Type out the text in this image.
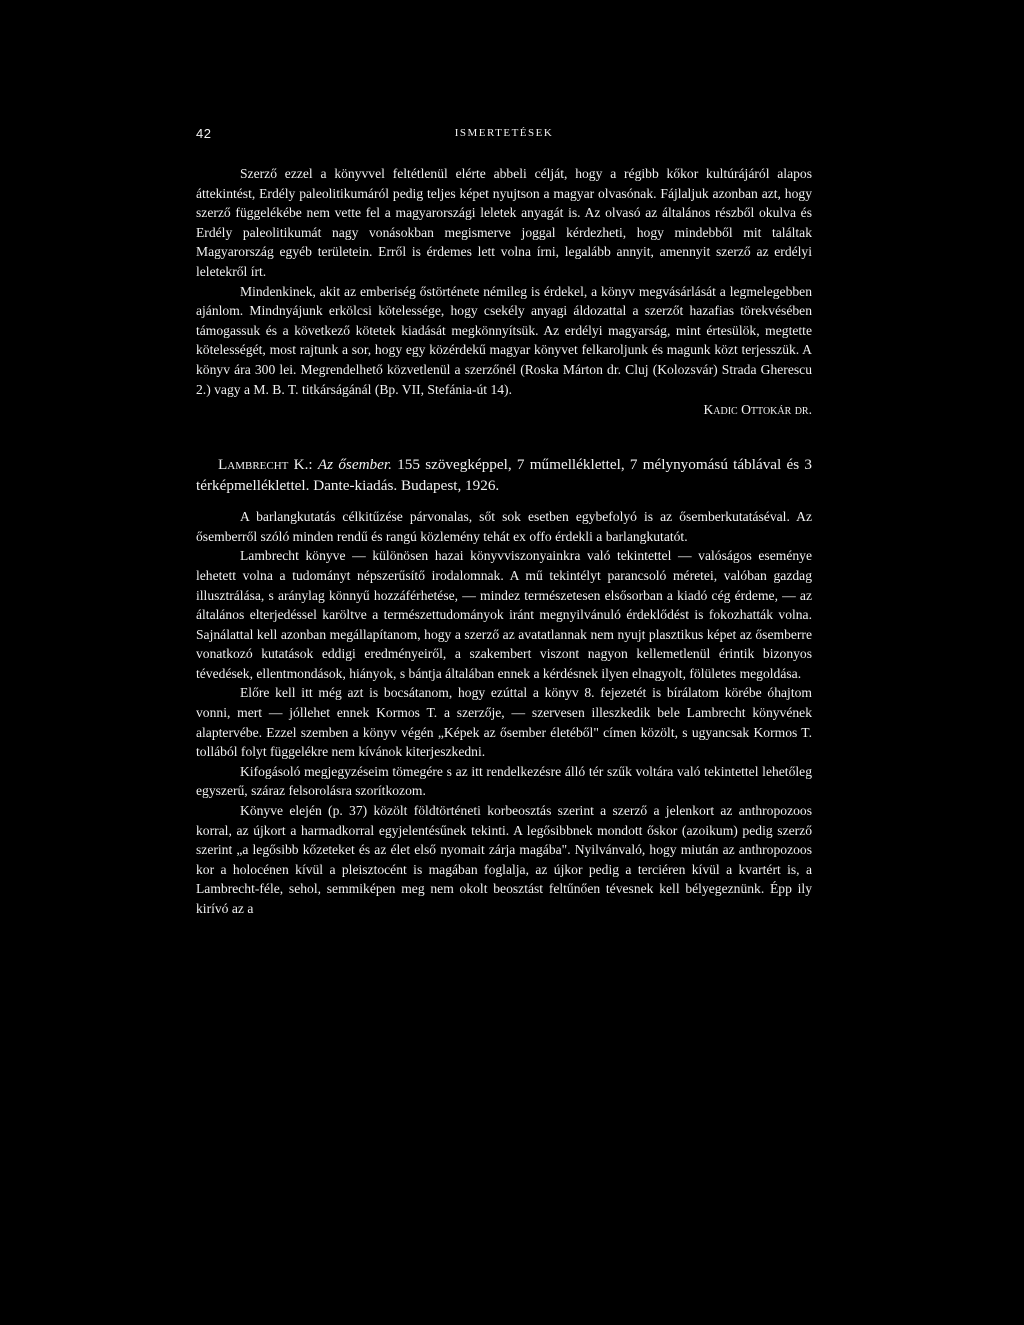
42	ISMERTETÉSEK

Szerző ezzel a könyvvel feltétlenül elérte abbeli célját, hogy a régibb kőkor kultúrájáról alapos áttekintést, Erdély paleolitikumáról pedig teljes képet nyujtson a magyar olvasónak. Fájlaljuk azonban azt, hogy szerző függelékébe nem vette fel a magyarországi leletek anyagát is. Az olvasó az általános részből okulva és Erdély paleolitikumát nagy vonásokban megismerve joggal kérdezheti, hogy mindebből mit találtak Magyarország egyéb területein. Erről is érdemes lett volna írni, legalább annyit, amennyit szerző az erdélyi leletekről írt.

Mindenkinek, akit az emberiség őstörténete némileg is érdekel, a könyv megvásárlását a legmelegebben ajánlom. Mindnyájunk erkölcsi kötelessége, hogy csekély anyagi áldozattal a szerzőt hazafias törekvésében támogassuk és a következő kötetek kiadását megkönnyítsük. Az erdélyi magyarság, mint értesülök, megtette kötelességét, most rajtunk a sor, hogy egy közérdekű magyar könyvet felkaroljunk és magunk közt terjesszük. A könyv ára 300 lei. Megrendelhető közvetlenül a szerzőnél (Roska Márton dr. Cluj (Kolozsvár) Strada Gherescu 2.) vagy a M. B. T. titkárságánál (Bp. VII, Stefánia-út 14).

Kadic Ottokár dr.
Lambrecht K.: Az ősember. 155 szövegképpel, 7 műmelléklettel, 7 mélynyomású táblával és 3 térképmelléklettel. Dante-kiadás. Budapest, 1926.

A barlangkutatás célkitűzése párvonalas, sőt sok esetben egybefolyó is az ősemberkutatáséval. Az ősemberről szóló minden rendű és rangú közlemény tehát ex offo érdekli a barlangkutatót.

Lambrecht könyve — különösen hazai könyvviszonyainkra való tekintettel — valóságos eseménye lehetett volna a tudományt népszerűsítő irodalomnak. A mű tekintélyt parancsoló méretei, valóban gazdag illusztrálása, s aránylag könnyű hozzáférhetése, — mindez természetesen elsősorban a kiadó cég érdeme, — az általános elterjedéssel karöltve a természettudományok iránt megnyilvánuló érdeklődést is fokozhatták volna. Sajnálattal kell azonban megállapítanom, hogy a szerző az avatatlannak nem nyujt plasztikus képet az ősemberre vonatkozó kutatások eddigi eredményeiről, a szakembert viszont nagyon kellemetlenül érintik bizonyos tévedések, ellentmondások, hiányok, s bántja általában ennek a kérdésnek ilyen elnagyolt, fölületes megoldása.

Előre kell itt még azt is bocsátanom, hogy ezúttal a könyv 8. fejezetét is bírálatom körébe óhajtom vonni, mert — jóllehet ennek Kormos T. a szerzője, — szervesen illeszkedik bele Lambrecht könyvének alaptervébe. Ezzel szemben a könyv végén „Képek az ősember életéből" címen közölt, s ugyancsak Kormos T. tollából folyt függelékre nem kívánok kiterjeszkedni.

Kifogásoló megjegyzéseim tömegére s az itt rendelkezésre álló tér szűk voltára való tekintettel lehetőleg egyszerű, száraz felsorolásra szorítkozom.

Könyve elején (p. 37) közölt földtörténeti korbeosztás szerint a szerző a jelenkort az anthropozoos korral, az újkort a harmadkorral egyjelentésűnek tekinti. A legősibbnek mondott őskor (azoikum) pedig szerző szerint „a legősibb kőzeteket és az élet első nyomait zárja magába". Nyilvánvaló, hogy miután az anthropozoos kor a holocénen kívül a pleisztocént is magában foglalja, az újkor pedig a terciéren kívül a kvartért is, a Lambrecht-féle, sehol, semmiképen meg nem okolt beosztást feltűnően tévesnek kell bélyegeznünk. Épp ily kirívó az a
